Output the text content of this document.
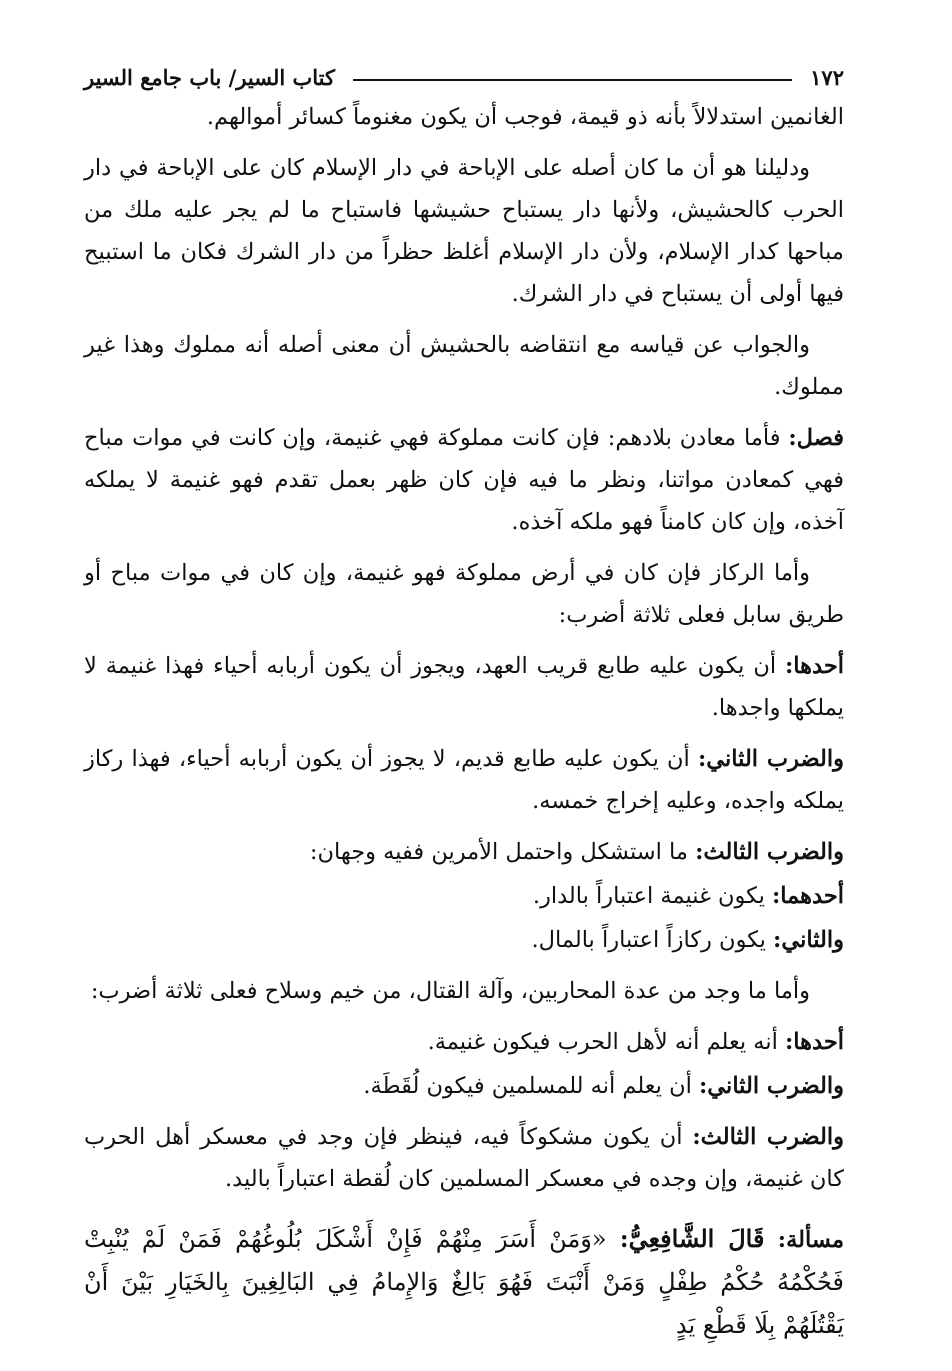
١٧٢
كتاب السير/ باب جامع السير

الغانمين استدلالاً بأنه ذو قيمة، فوجب أن يكون مغنوماً كسائر أموالهم.

ودليلنا هو أن ما كان أصله على الإباحة في دار الإسلام كان على الإباحة في دار الحرب كالحشيش، ولأنها دار يستباح حشيشها فاستباح ما لم يجر عليه ملك من مباحها كدار الإسلام، ولأن دار الإسلام أغلظ حظراً من دار الشرك فكان ما استبيح فيها أولى أن يستباح في دار الشرك.

والجواب عن قياسه مع انتقاضه بالحشيش أن معنى أصله أنه مملوك وهذا غير مملوك.

فصل: فأما معادن بلادهم: فإن كانت مملوكة فهي غنيمة، وإن كانت في موات مباح فهي كمعادن مواتنا، ونظر ما فيه فإن كان ظهر بعمل تقدم فهو غنيمة لا يملكه آخذه، وإن كان كامناً فهو ملكه آخذه.

وأما الركاز فإن كان في أرض مملوكة فهو غنيمة، وإن كان في موات مباح أو طريق سابل فعلى ثلاثة أضرب:

أحدها: أن يكون عليه طابع قريب العهد، ويجوز أن يكون أربابه أحياء فهذا غنيمة لا يملكها واجدها.

والضرب الثاني: أن يكون عليه طابع قديم، لا يجوز أن يكون أربابه أحياء، فهذا ركاز يملكه واجده، وعليه إخراج خمسه.

والضرب الثالث: ما استشكل واحتمل الأمرين ففيه وجهان:

أحدهما: يكون غنيمة اعتباراً بالدار.

والثاني: يكون ركازاً اعتباراً بالمال.

وأما ما وجد من عدة المحاربين، وآلة القتال، من خيم وسلاح فعلى ثلاثة أضرب:

أحدها: أنه يعلم أنه لأهل الحرب فيكون غنيمة.

والضرب الثاني: أن يعلم أنه للمسلمين فيكون لُقَطَة.

والضرب الثالث: أن يكون مشكوكاً فيه، فينظر فإن وجد في معسكر أهل الحرب كان غنيمة، وإن وجده في معسكر المسلمين كان لُقطة اعتباراً باليد.

مسألة: قَالَ الشَّافِعِيُّ: «وَمَنْ أَسَرَ مِنْهُمْ فَإِنْ أَشْكَلَ بُلُوغُهُمْ فَمَنْ لَمْ يُنْبِتْ فَحُكْمُهُ حُكْمُ طِفْلٍ وَمَنْ أَنْبَتَ فَهُوَ بَالِغٌ وَالإِمامُ فِي البَالِغِينَ بِالخَيَارِ بَيْنَ أَنْ يَقْتُلَهُمْ بِلَا قَطْعِ يَدٍ
